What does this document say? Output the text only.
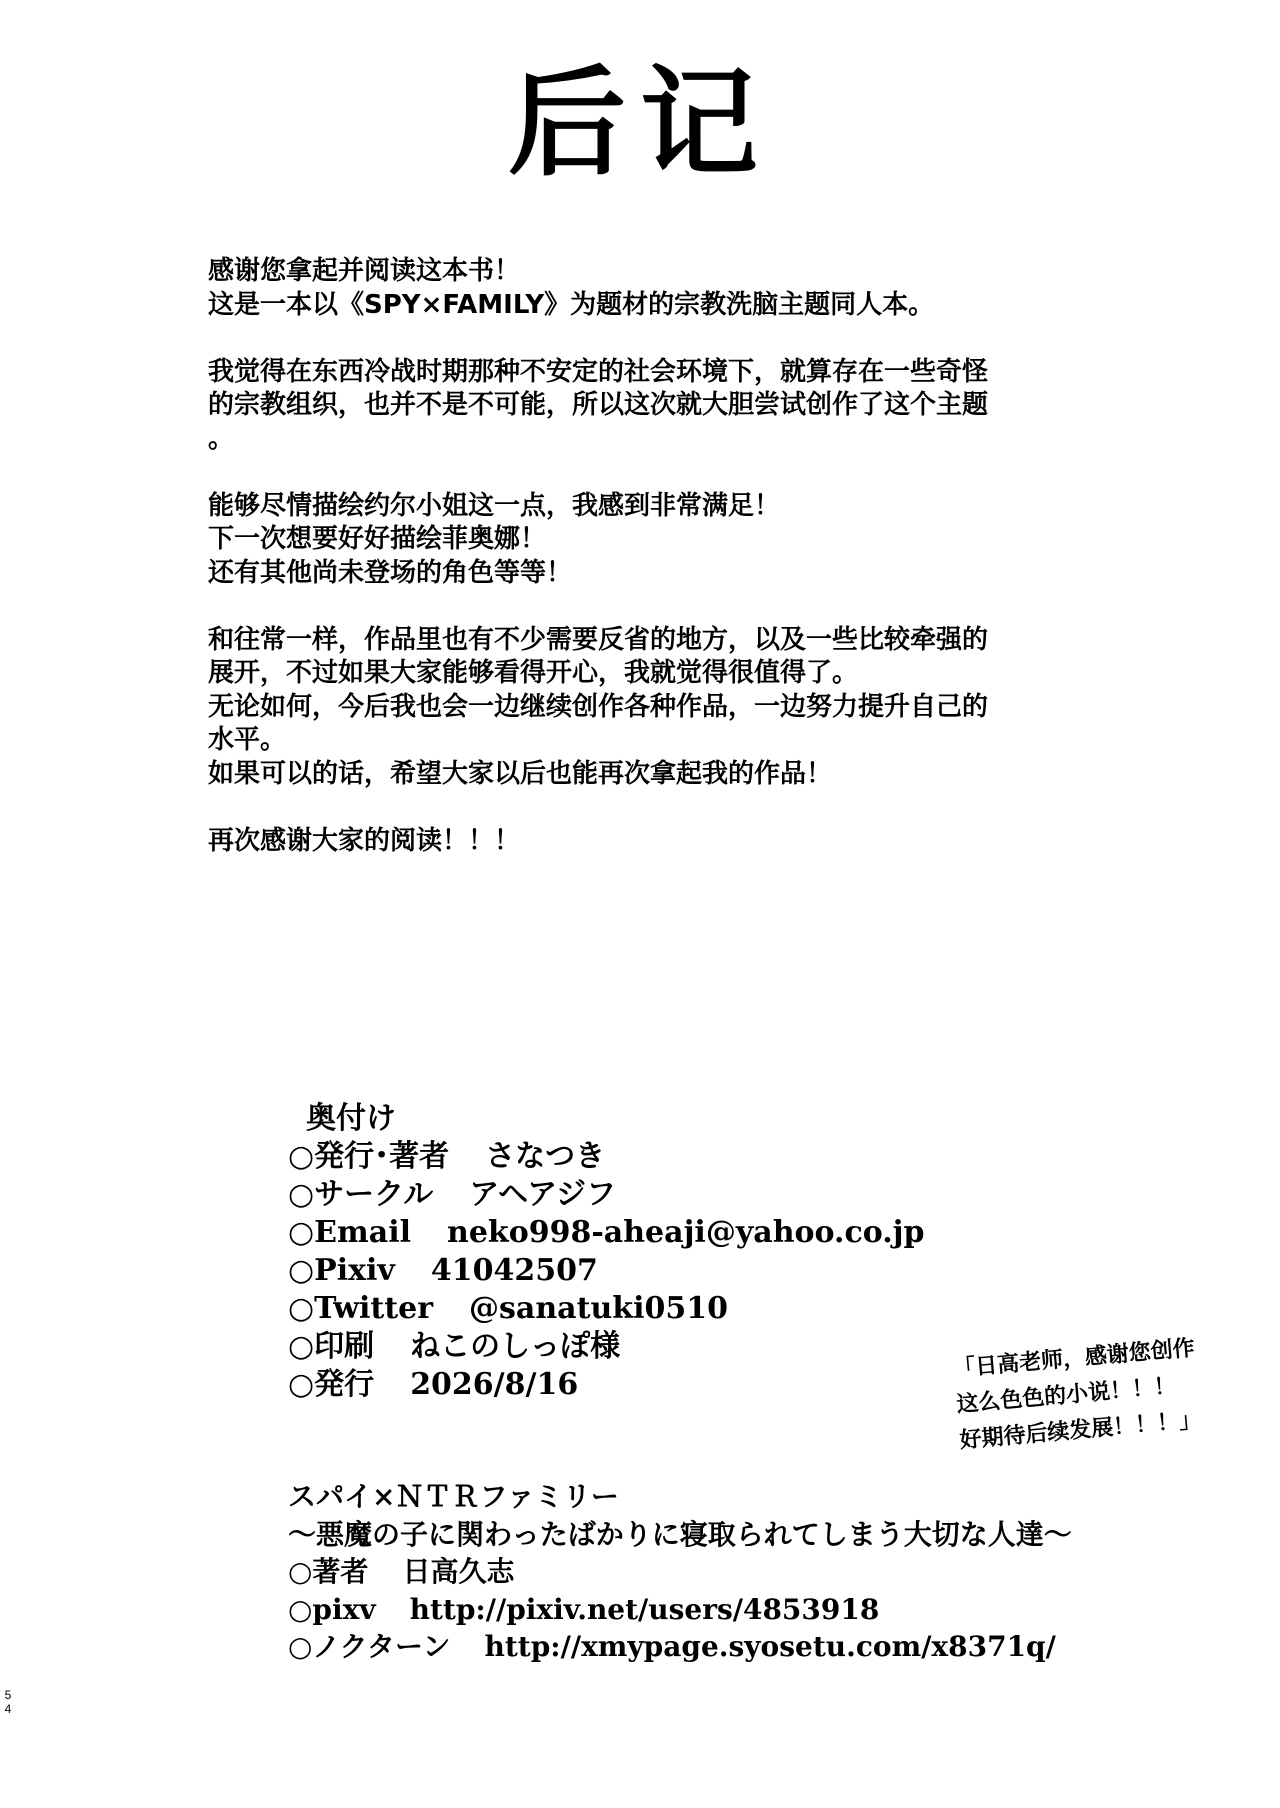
后记
感谢您拿起并阅读这本书！
这是一本以《SPY×FAMILY》为题材的宗教洗脑主题同人本。
我觉得在东西冷战时期那种不安定的社会环境下，就算存在一些奇怪
的宗教组织，也并不是不可能，所以这次就大胆尝试创作了这个主题
。
能够尽情描绘约尔小姐这一点，我感到非常满足！
下一次想要好好描绘菲奥娜！
还有其他尚未登场的角色等等！
和往常一样，作品里也有不少需要反省的地方，以及一些比较牵强的
展开，不过如果大家能够看得开心，我就觉得很值得了。
无论如何，今后我也会一边继续创作各种作品，一边努力提升自己的
水平。
如果可以的话，希望大家以后也能再次拿起我的作品！
再次感谢大家的阅读！！！
奥付け
○発行･著者 さなつき
○サークル アヘアジフ
○Email neko998-aheaji@yahoo.co.jp
○Pixiv 41042507
○Twitter @sanatuki0510
○印刷 ねこのしっぽ様
○発行 2026/8/16
スパイ×ＮＴＲファミリー
～悪魔の子に関わったばかりに寝取られてしまう大切な人達～
○著者 日高久志
○pixv http://pixiv.net/users/4853918
○ノクターン http://xmypage.syosetu.com/x8371q/
「日高老师，感谢您创作
这么色色的小说！！！
好期待后续发展！！！」
5
4
